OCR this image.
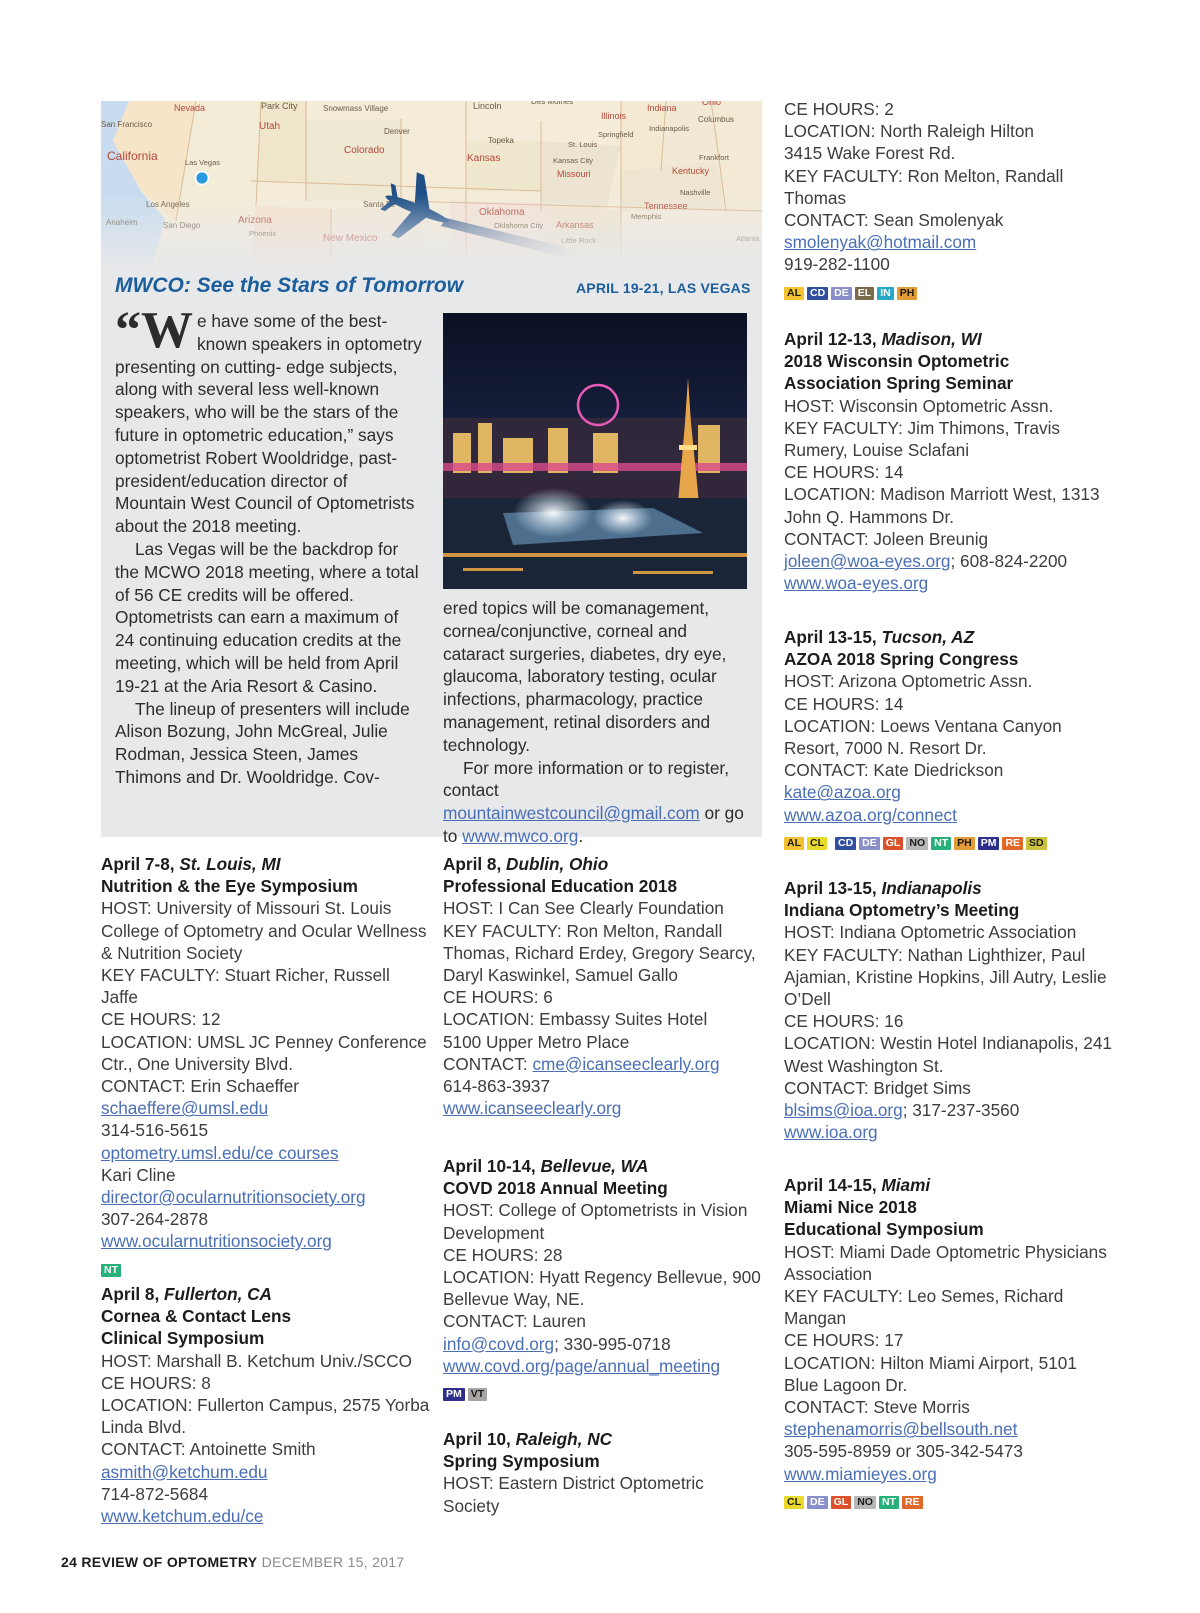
MWCO: See the Stars of Tomorrow	APRIL 19-21, LAS VEGAS

“We have some of the best-known speakers in optometry presenting on cutting- edge subjects, along with several less well-known speakers, who will be the stars of the future in optometric education,” says optometrist Robert Wooldridge, past-president/education director of Mountain West Council of Optometrists about the 2018 meeting.

Las Vegas will be the backdrop for the MCWO 2018 meeting, where a total of 56 CE credits will be offered. Optometrists can earn a maximum of 24 continuing education credits at the meeting, which will be held from April 19-21 at the Aria Resort & Casino.

The lineup of presenters will include Alison Bozung, John McGreal, Julie Rodman, Jessica Steen, James Thimons and Dr. Wooldridge. Cov-

ered topics will be comanagement, cornea/conjunctive, corneal and cataract surgeries, diabetes, dry eye, glaucoma, laboratory testing, ocular infections, pharmacology, practice management, retinal disorders and technology.

For more information or to register, contact mountainwestcouncil@gmail.com or go to www.mwco.org.

April 7-8, St. Louis, MI
Nutrition & the Eye Symposium
HOST: University of Missouri St. Louis College of Optometry and Ocular Wellness & Nutrition Society
KEY FACULTY: Stuart Richer, Russell Jaffe
CE HOURS: 12
LOCATION: UMSL JC Penney Conference Ctr., One University Blvd.
CONTACT: Erin Schaeffer
schaeffere@umsl.edu
314-516-5615
optometry.umsl.edu/ce courses
Kari Cline
director@ocularnutritionsociety.org
307-264-2878
www.ocularnutritionsociety.org
NT
April 8, Fullerton, CA
Cornea & Contact Lens
Clinical Symposium
HOST: Marshall B. Ketchum Univ./SCCO
CE HOURS: 8
LOCATION: Fullerton Campus, 2575 Yorba Linda Blvd.
CONTACT: Antoinette Smith
asmith@ketchum.edu
714-872-5684
www.ketchum.edu/ce
April 8, Dublin, Ohio
Professional Education 2018
HOST: I Can See Clearly Foundation
KEY FACULTY: Ron Melton, Randall Thomas, Richard Erdey, Gregory Searcy, Daryl Kaswinkel, Samuel Gallo
CE HOURS: 6
LOCATION: Embassy Suites Hotel
5100 Upper Metro Place
CONTACT: cme@icanseeclearly.org
614-863-3937
www.icanseeclearly.org
April 10-14, Bellevue, WA
COVD 2018 Annual Meeting
HOST: College of Optometrists in Vision Development
CE HOURS: 28
LOCATION: Hyatt Regency Bellevue, 900 Bellevue Way, NE.
CONTACT: Lauren
info@covd.org; 330-995-0718
www.covd.org/page/annual_meeting
PM VT
April 10, Raleigh, NC
Spring Symposium
HOST: Eastern District Optometric Society
CE HOURS: 2
LOCATION: North Raleigh Hilton
3415 Wake Forest Rd.
KEY FACULTY: Ron Melton, Randall Thomas
CONTACT: Sean Smolenyak
smolenyak@hotmail.com
919-282-1100
AL CD DE EL IN PH
April 12-13, Madison, WI
2018 Wisconsin Optometric
Association Spring Seminar
HOST: Wisconsin Optometric Assn.
KEY FACULTY: Jim Thimons, Travis Rumery, Louise Sclafani
CE HOURS: 14
LOCATION: Madison Marriott West, 1313 John Q. Hammons Dr.
CONTACT: Joleen Breunig
joleen@woa-eyes.org; 608-824-2200
www.woa-eyes.org
April 13-15, Tucson, AZ
AZOA 2018 Spring Congress
HOST: Arizona Optometric Assn.
CE HOURS: 14
LOCATION: Loews Ventana Canyon Resort, 7000 N. Resort Dr.
CONTACT: Kate Diedrickson
kate@azoa.org
www.azoa.org/connect
AL CL CD DE GL NO NT PH PM RE SD
April 13-15, Indianapolis
Indiana Optometry’s Meeting
HOST: Indiana Optometric Association
KEY FACULTY: Nathan Lighthizer, Paul Ajamian, Kristine Hopkins, Jill Autry, Leslie O’Dell
CE HOURS: 16
LOCATION: Westin Hotel Indianapolis, 241 West Washington St.
CONTACT: Bridget Sims
blsims@ioa.org; 317-237-3560
www.ioa.org
April 14-15, Miami
Miami Nice 2018
Educational Symposium
HOST: Miami Dade Optometric Physicians Association
KEY FACULTY: Leo Semes, Richard Mangan
CE HOURS: 17
LOCATION: Hilton Miami Airport, 5101 Blue Lagoon Dr.
CONTACT: Steve Morris
stephenamorris@bellsouth.net
305-595-8959 or 305-342-5473
www.miamieyes.org
CL DE GL NO NT RE
24 REVIEW OF OPTOMETRY DECEMBER 15, 2017
